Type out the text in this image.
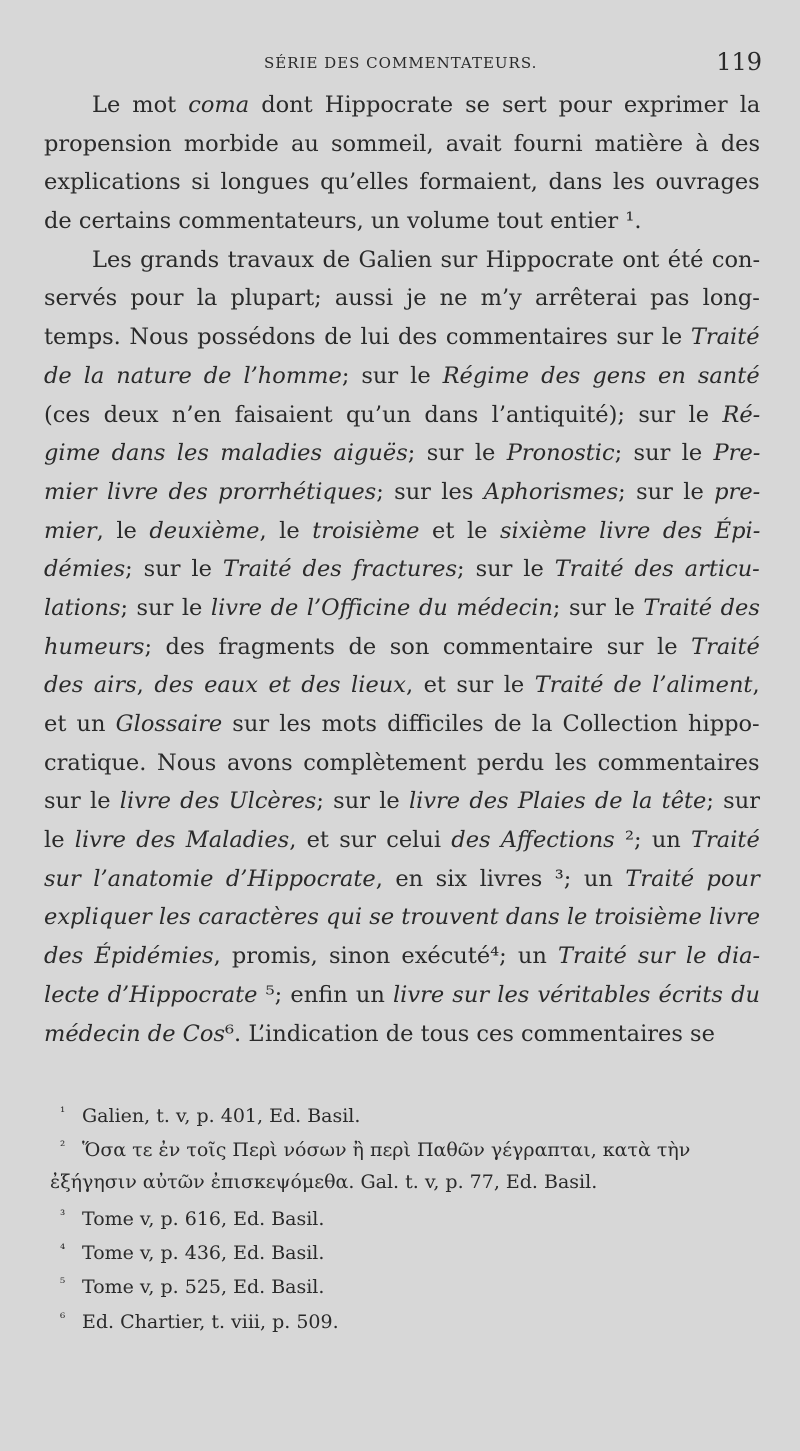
SÉRIE DES COMMENTATEURS.	119
Le mot coma dont Hippocrate se sert pour exprimer la
propension morbide au sommeil, avait fourni matière à des
explications si longues qu’elles formaient, dans les ouvrages
de certains commentateurs, un volume tout entier ¹.
Les grands travaux de Galien sur Hippocrate ont été con-
servés pour la plupart; aussi je ne m’y arrêterai pas long-
temps. Nous possédons de lui des commentaires sur le Traité
de la nature de l’homme; sur le Régime des gens en santé
(ces deux n’en faisaient qu’un dans l’antiquité); sur le Ré-
gime dans les maladies aiguës; sur le Pronostic; sur le Pre-
mier livre des prorrhétiques; sur les Aphorismes; sur le pre-
mier, le deuxième, le troisième et le sixième livre des Épi-
démies; sur le Traité des fractures; sur le Traité des articu-
lations; sur le livre de l’Officine du médecin; sur le Traité des
humeurs; des fragments de son commentaire sur le Traité
des airs, des eaux et des lieux, et sur le Traité de l’aliment,
et un Glossaire sur les mots difficiles de la Collection hippo-
cratique. Nous avons complètement perdu les commentaires
sur le livre des Ulcères; sur le livre des Plaies de la tête; sur
le livre des Maladies, et sur celui des Affections ²; un Traité
sur l’anatomie d’Hippocrate, en six livres ³; un Traité pour
expliquer les caractères qui se trouvent dans le troisième livre
des Épidémies, promis, sinon exécuté⁴; un Traité sur le dia-
lecte d’Hippocrate ⁵; enfin un livre sur les véritables écrits du
médecin de Cos⁶. L’indication de tous ces commentaires se
¹ Galien, t. v, p. 401, Ed. Basil.
² Ὅσα τε ἐν τοῖς Περὶ νόσων ἢ περὶ Παθῶν γέγραπται, κατὰ τὴν
ἐξήγησιν αὐτῶν ἐπισκεψόμεθα. Gal. t. v, p. 77, Ed. Basil.
³ Tome v, p. 616, Ed. Basil.
⁴ Tome v, p. 436, Ed. Basil.
⁵ Tome v, p. 525, Ed. Basil.
⁶ Ed. Chartier, t. viii, p. 509.
